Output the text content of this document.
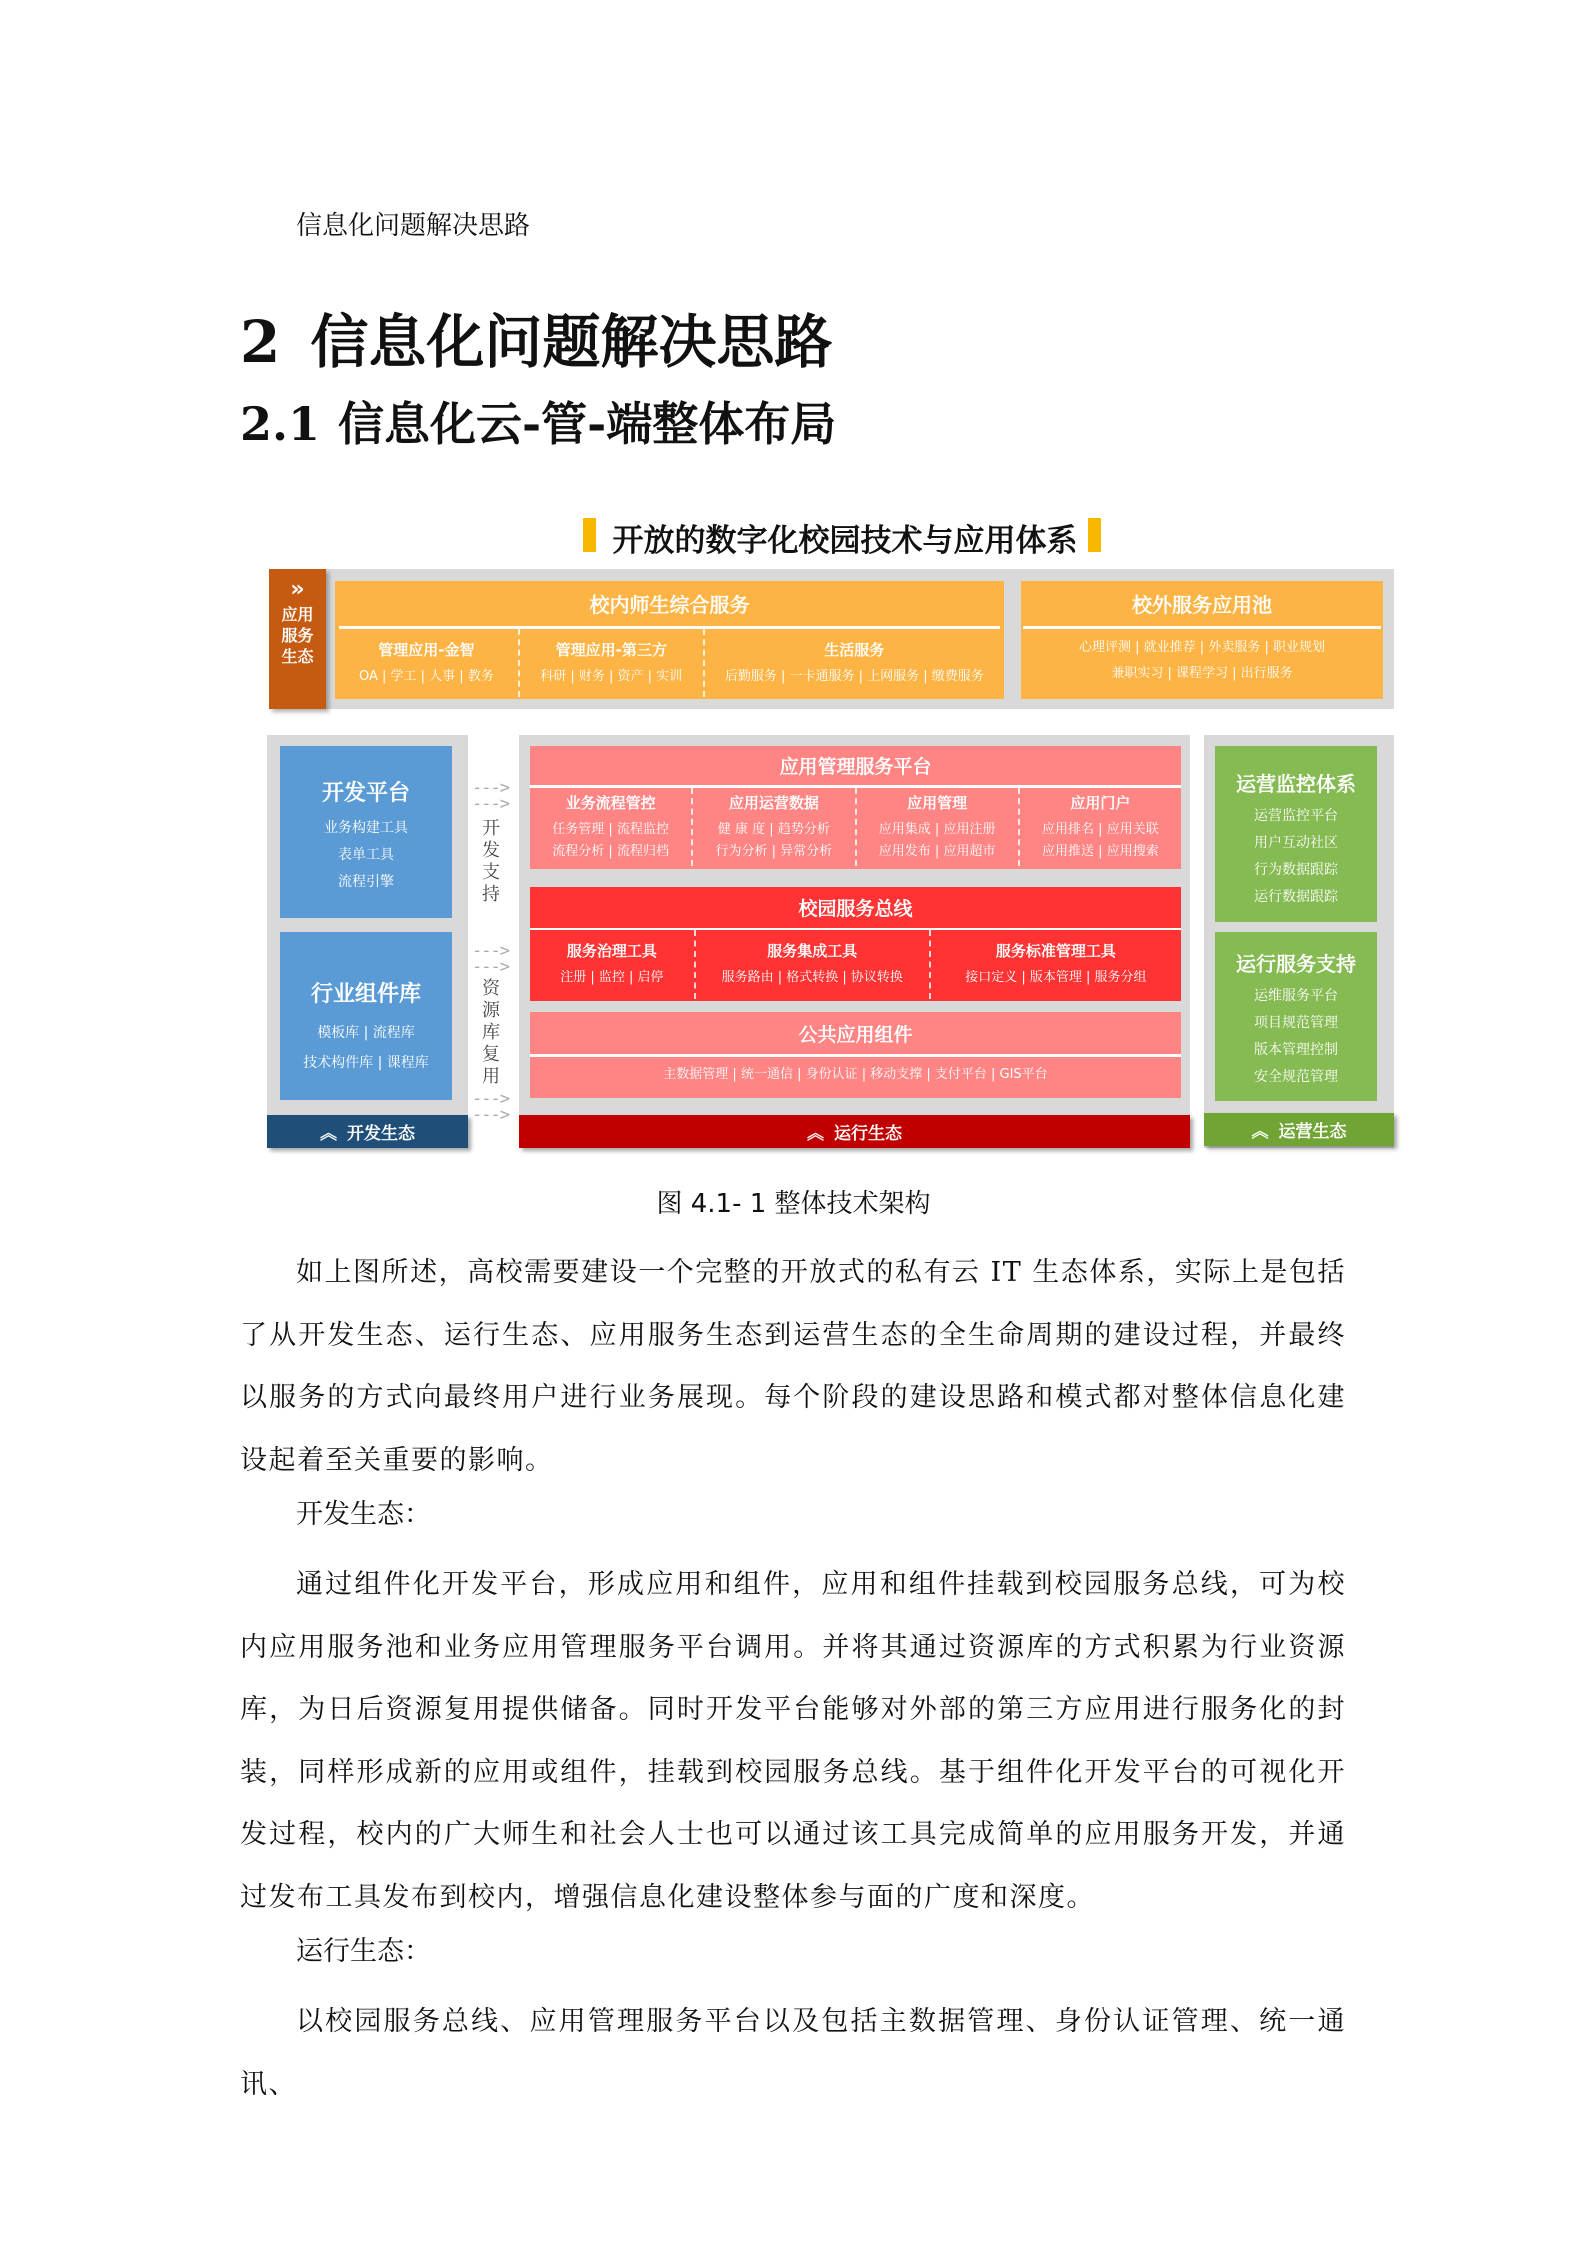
信息化问题解决思路
2 信息化问题解决思路
2.1 信息化云-管-端整体布局
开放的数字化校园技术与应用体系
»
应用服务生态
校内师生综合服务
管理应用-金智
OA | 学工 | 人事 | 教务
管理应用-第三方
科研 | 财务 | 资产 | 实训
生活服务
后勤服务 | 一卡通服务 | 上网服务 | 缴费服务
校外服务应用池
心理评测 | 就业推荐 | 外卖服务 | 职业规划
兼职实习 | 课程学习 | 出行服务
开发平台
业务构建工具
表单工具
流程引擎
行业组件库
模板库 | 流程库
技术构件库 | 课程库
︽ 开发生态
--->
--->
开发支持
--->
--->
资源库复用
--->
--->
应用管理服务平台
业务流程管控
任务管理 | 流程监控
流程分析 | 流程归档
应用运营数据
健 康 度 | 趋势分析
行为分析 | 异常分析
应用管理
应用集成 | 应用注册
应用发布 | 应用超市
应用门户
应用排名 | 应用关联
应用推送 | 应用搜索
校园服务总线
服务治理工具
注册 | 监控 | 启停
服务集成工具
服务路由 | 格式转换 | 协议转换
服务标准管理工具
接口定义 | 版本管理 | 服务分组
公共应用组件
主数据管理 | 统一通信 | 身份认证 | 移动支撑 | 支付平台 | GIS平台
︽ 运行生态
运营监控体系
运营监控平台
用户互动社区
行为数据跟踪
运行数据跟踪
运行服务支持
运维服务平台
项目规范管理
版本管理控制
安全规范管理
︽ 运营生态
图 4.1- 1 整体技术架构

如上图所述，高校需要建设一个完整的开放式的私有云 IT 生态体系，实际上是包括了从开发生态、运行生态、应用服务生态到运营生态的全生命周期的建设过程，并最终以服务的方式向最终用户进行业务展现。每个阶段的建设思路和模式都对整体信息化建设起着至关重要的影响。

开发生态：

通过组件化开发平台，形成应用和组件，应用和组件挂载到校园服务总线，可为校内应用服务池和业务应用管理服务平台调用。并将其通过资源库的方式积累为行业资源库，为日后资源复用提供储备。同时开发平台能够对外部的第三方应用进行服务化的封装，同样形成新的应用或组件，挂载到校园服务总线。基于组件化开发平台的可视化开发过程，校内的广大师生和社会人士也可以通过该工具完成简单的应用服务开发，并通过发布工具发布到校内，增强信息化建设整体参与面的广度和深度。

运行生态：

以校园服务总线、应用管理服务平台以及包括主数据管理、身份认证管理、统一通讯、
